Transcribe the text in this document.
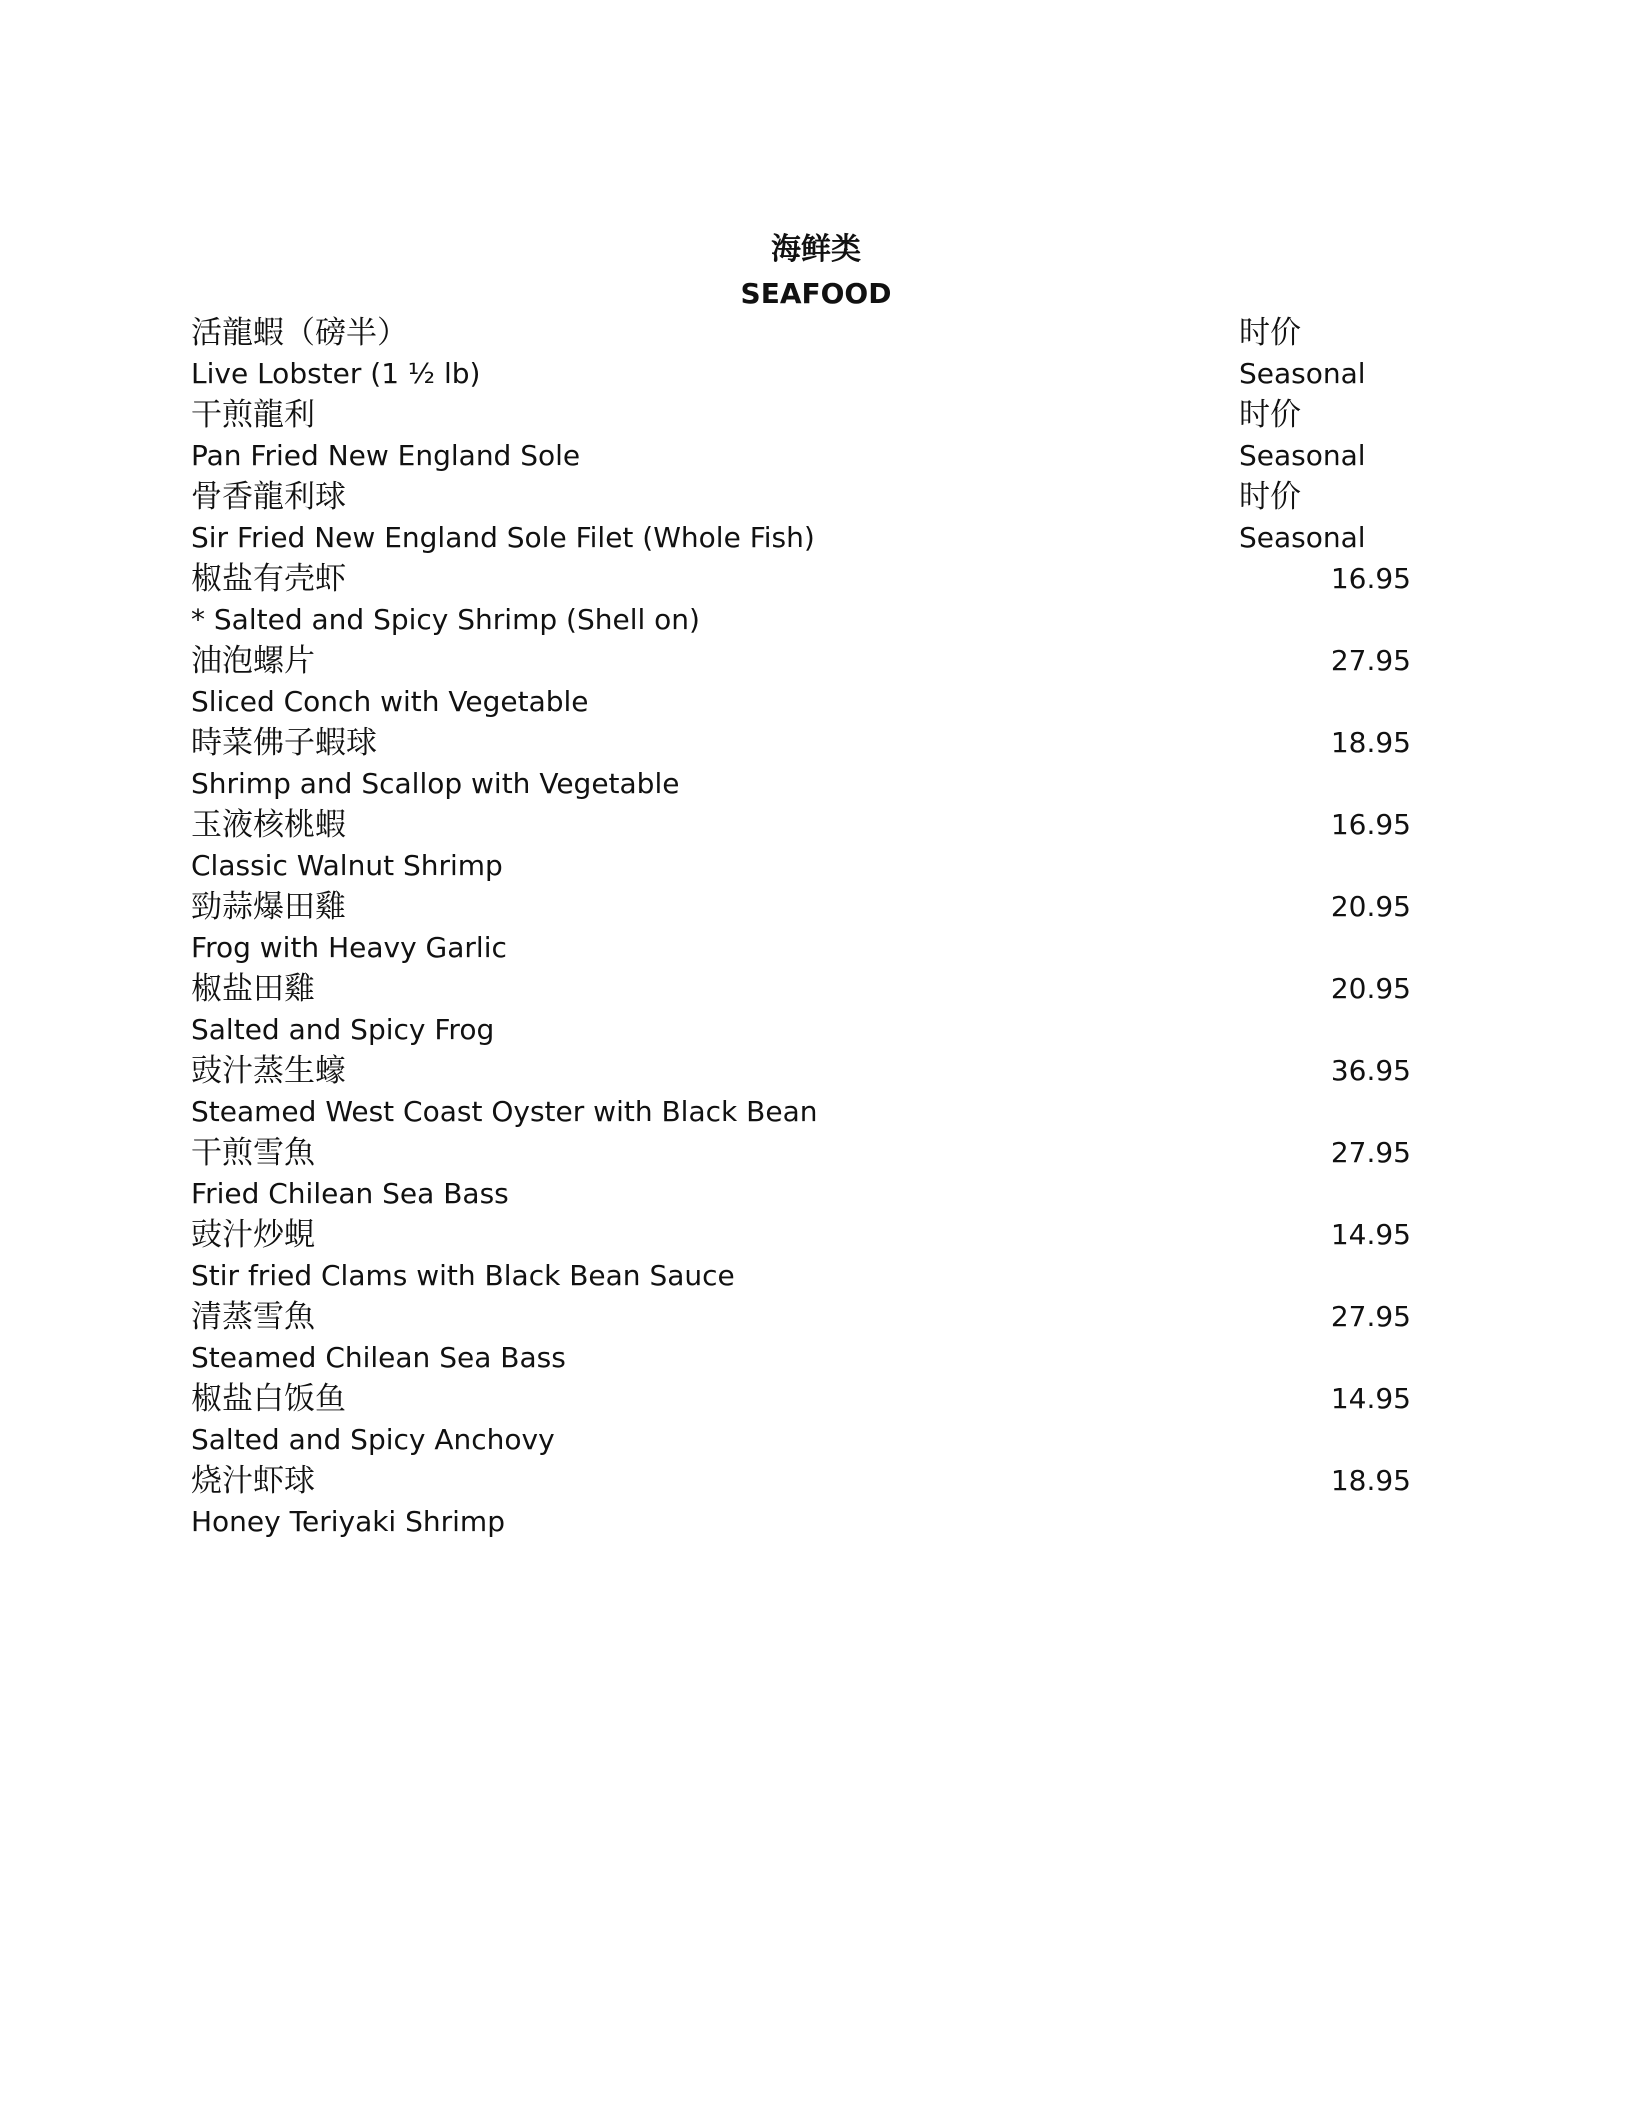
海鲜类
SEAFOOD
活龍蝦（磅半）
Live Lobster (1 ½ lb)
时价
Seasonal
干煎龍利
Pan Fried New England Sole
时价
Seasonal
骨香龍利球
Sir Fried New England Sole Filet (Whole Fish)
时价
Seasonal
椒盐有壳虾
* Salted and Spicy Shrimp (Shell on)
16.95
油泡螺片
Sliced Conch with Vegetable
27.95
時菜佛子蝦球
Shrimp and Scallop with Vegetable
18.95
玉液核桃蝦
Classic Walnut Shrimp
16.95
勁蒜爆田雞
Frog with Heavy Garlic
20.95
椒盐田雞
Salted and Spicy Frog
20.95
豉汁蒸生蠔
Steamed West Coast Oyster with Black Bean
36.95
干煎雪魚
Fried Chilean Sea Bass
27.95
豉汁炒蜆
Stir fried Clams with Black Bean Sauce
14.95
清蒸雪魚
Steamed Chilean Sea Bass
27.95
椒盐白饭鱼
Salted and Spicy Anchovy
14.95
烧汁虾球
Honey Teriyaki Shrimp
18.95
